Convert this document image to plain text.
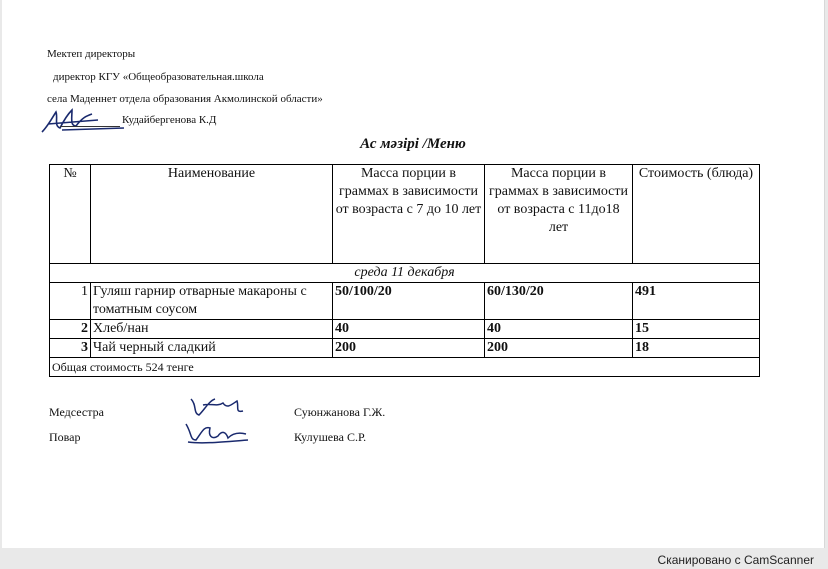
Мектеп директоры
директор КГУ «Общеобразовательная.школа
села Маденнет отдела образования Акмолинской области»
Кудайбергенова К.Д
Ас мәзірі /Меню
№	Наименование	Масса порции в граммах в зависимости от возраста с 7 до 10 лет	Масса порции в граммах в зависимости от возраста с 11до18 лет	Стоимость (блюда)
среда 11 декабря				
1	Гуляш гарнир отварные макароны с томатным соусом	50/100/20	60/130/20	491
2	Хлеб/нан	40	40	15
3	Чай черный сладкий	200	200	18
Общая стоимость 524 тенге				
Медсестра	Суюнжанова Г.Ж.
Повар	Кулушева С.Р.
Сканировано с CamScanner
